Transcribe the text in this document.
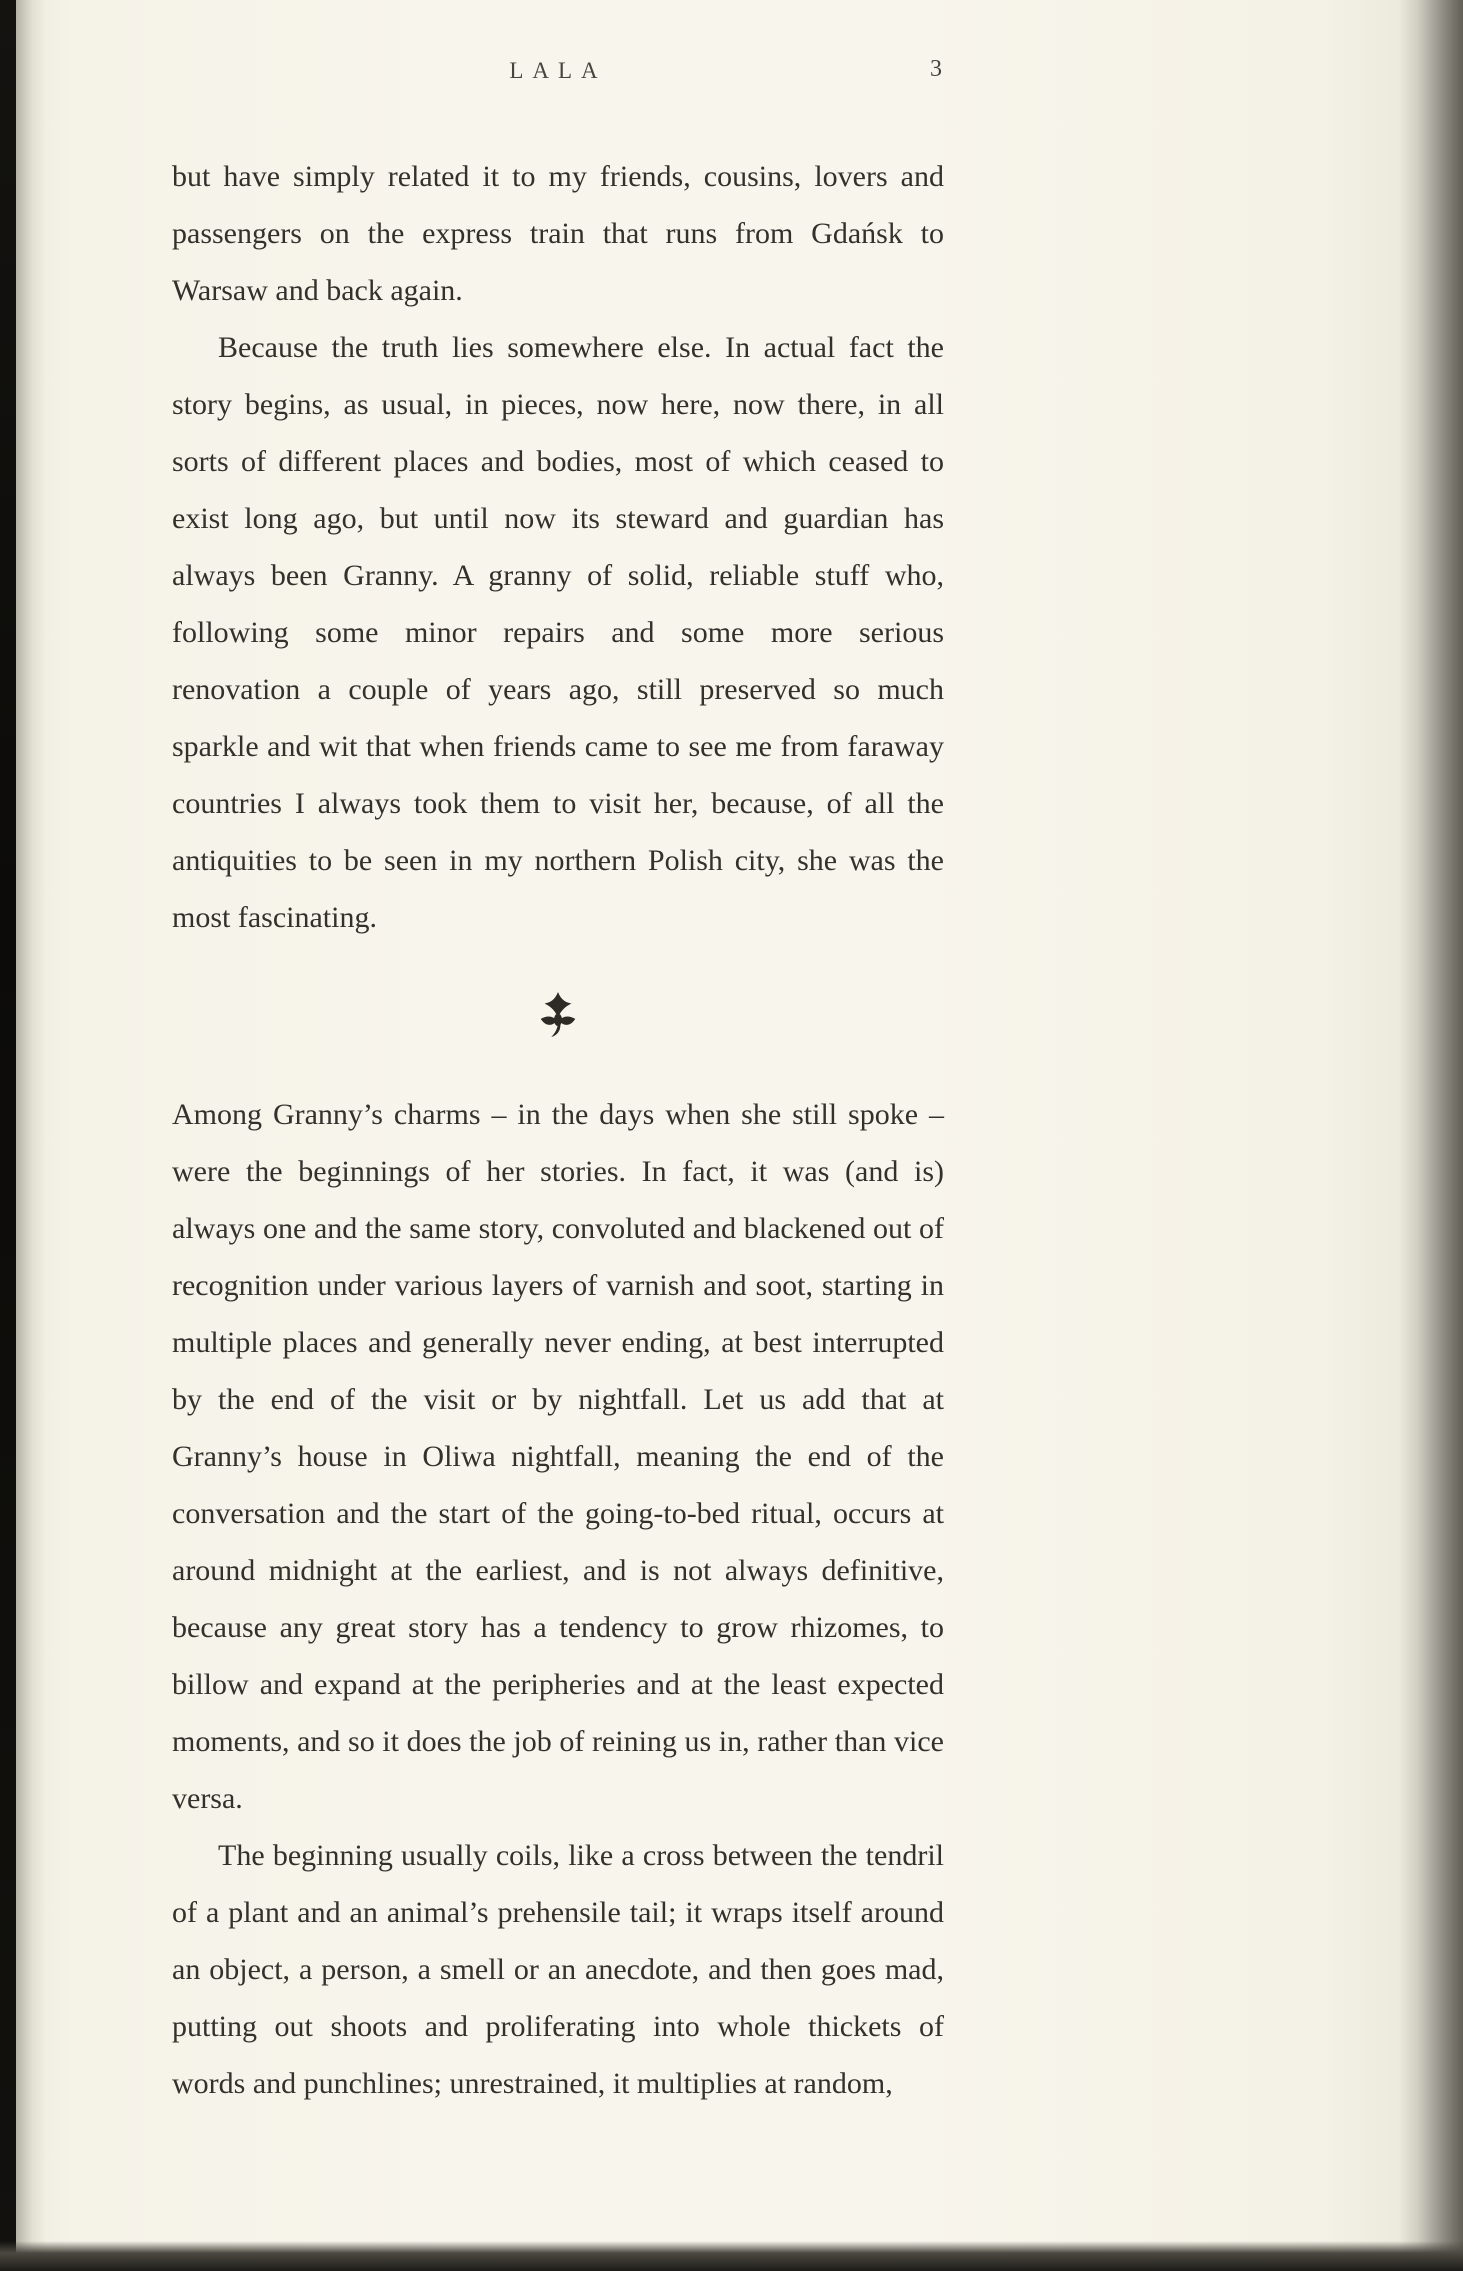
LALA	3

but have simply related it to my friends, cousins, lovers and passengers on the express train that runs from Gdańsk to Warsaw and back again.

Because the truth lies somewhere else. In actual fact the story begins, as usual, in pieces, now here, now there, in all sorts of different places and bodies, most of which ceased to exist long ago, but until now its steward and guardian has always been Granny. A granny of solid, reliable stuff who, following some minor repairs and some more serious renovation a couple of years ago, still preserved so much sparkle and wit that when friends came to see me from faraway countries I always took them to visit her, because, of all the antiquities to be seen in my northern Polish city, she was the most fascinating.

Among Granny’s charms – in the days when she still spoke – were the beginnings of her stories. In fact, it was (and is) always one and the same story, convoluted and blackened out of recognition under various layers of varnish and soot, starting in multiple places and generally never ending, at best interrupted by the end of the visit or by nightfall. Let us add that at Granny’s house in Oliwa nightfall, meaning the end of the conversation and the start of the going-to-bed ritual, occurs at around midnight at the earliest, and is not always definitive, because any great story has a tendency to grow rhizomes, to billow and expand at the peripheries and at the least expected moments, and so it does the job of reining us in, rather than vice versa.

The beginning usually coils, like a cross between the tendril of a plant and an animal’s prehensile tail; it wraps itself around an object, a person, a smell or an anecdote, and then goes mad, putting out shoots and proliferating into whole thickets of words and punchlines; unrestrained, it multiplies at random,
